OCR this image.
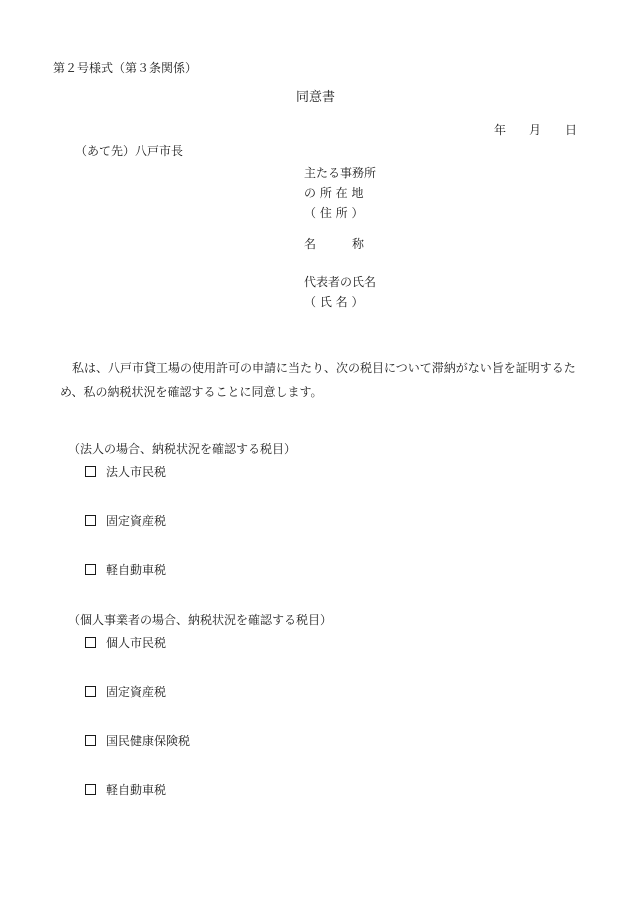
第２号様式（第３条関係）
同意書
年 月 日
（あて先）八戸市長
主たる事務所
の 所 在 地
（ 住 所 ）
名	称
代表者の氏名
（ 氏 名 ）
私は、八戸市貸工場の使用許可の申請に当たり、次の税目について滞納がない旨を証明するため、私の納税状況を確認することに同意します。
（法人の場合、納税状況を確認する税目）
法人市民税
固定資産税
軽自動車税
（個人事業者の場合、納税状況を確認する税目）
個人市民税
固定資産税
国民健康保険税
軽自動車税
